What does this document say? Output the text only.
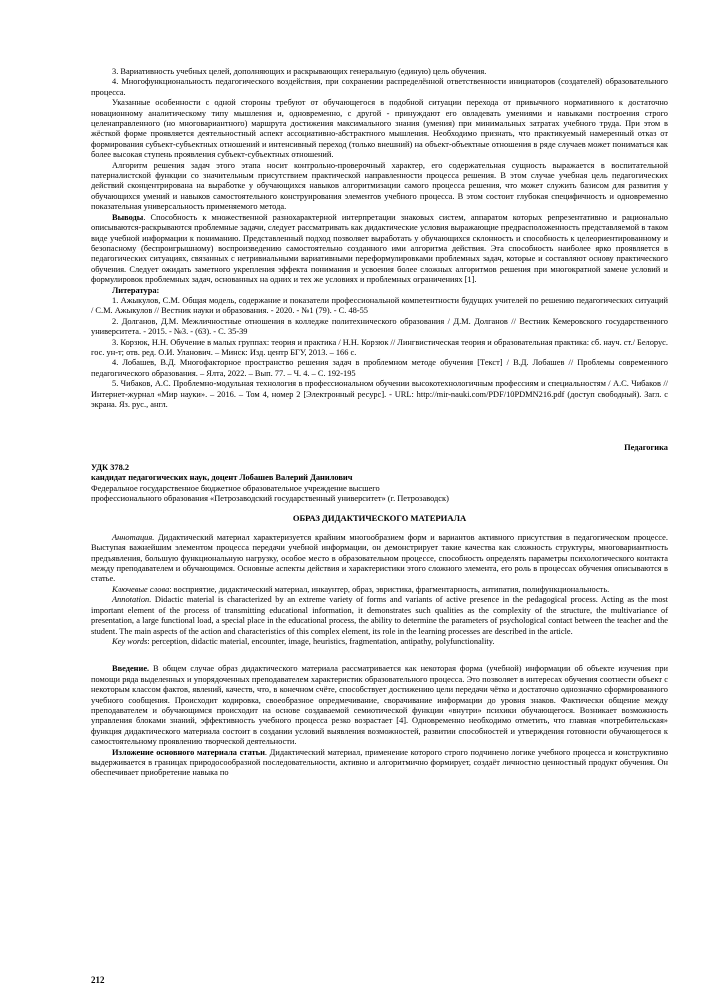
3. Вариативность учебных целей, дополняющих и раскрывающих генеральную (единую) цель обучения.

4. Многофункциональность педагогического воздействия, при сохранении распределённой ответственности инициаторов (создателей) образовательного процесса.

Указанные особенности с одной стороны требуют от обучающегося в подобной ситуации перехода от привычного нормативного к достаточно новационному аналитическому типу мышления и, одновременно, с другой - принуждают его овладевать умениями и навыками построения строго целенаправленного (но многовариантного) маршрута достижения максимального знания (умения) при минимальных затратах учебного труда. При этом в жёсткой форме проявляется деятельностный аспект ассоциативно-абстрактного мышления. Необходимо признать, что практикуемый намеренный отказ от формирования субъект-субъектных отношений и интенсивный переход (только внешний) на объект-объектные отношения в ряде случаев может пониматься как более высокая ступень проявления субъект-субъектных отношений.

Алгоритм решения задач этого этапа носит контрольно-проверочный характер, его содержательная сущность выражается в воспитательной патерналистской функции со значительным присутствием практической направленности процесса решения. В этом случае учебная цель педагогических действий сконцентрирована на выработке у обучающихся навыков алгоритмизации самого процесса решения, что может служить базисом для развития у обучающихся умений и навыков самостоятельного конструирования элементов учебного процесса. В этом состоит глубокая специфичность и одновременно показательная универсальность применяемого метода.

Выводы. Способность к множественной разнохарактерной интерпретации знаковых систем, аппаратом которых репрезентативно и рационально описываются-раскрываются проблемные задачи, следует рассматривать как дидактические условия выражающие предрасположенность представляемой в таком виде учебной информации к пониманию. Представленный подход позволяет выработать у обучающихся склонность и способность к целеориентированному и безопасному (беспроигрышному) воспроизведению самостоятельно созданного ими алгоритма действия. Эта способность наиболее ярко проявляется в педагогических ситуациях, связанных с нетривиальными вариативными переформулировками проблемных задач, которые и составляют основу практического обучения. Следует ожидать заметного укрепления эффекта понимания и усвоения более сложных алгоритмов решения при многократной замене условий и формулировок проблемных задач, основанных на одних и тех же условиях и проблемных ограничениях [1].

Литература:

1. Ажыкулов, С.М. Общая модель, содержание и показатели профессиональной компетентности будущих учителей по решению педагогических ситуаций / С.М. Ажыкулов // Вестник науки и образования. - 2020. - №1 (79). - С. 48-55

2. Долганов, Д.М. Межличностные отношения в колледже политехнического образования / Д.М. Долганов // Вестник Кемеровского государственного университета. - 2015. - №3. - (63). - С. 35-39

3. Корзюк, Н.Н. Обучение в малых группах: теория и практика / Н.Н. Корзюк // Лингвистическая теория и образовательная практика: сб. науч. ст./ Белорус. гос. ун-т; отв. ред. О.И. Уланович. – Минск: Изд. центр БГУ, 2013. – 166 с.

4. Лобашев, В.Д. Многофакторное пространство решения задач в проблемном методе обучения [Текст] / В.Д. Лобашев // Проблемы современного педагогического образования. – Ялта, 2022. – Вып. 77. – Ч. 4. – С. 192-195

5. Чибаков, А.С. Проблемно-модульная технология в профессиональном обучении высокотехнологичным профессиям и специальностям / А.С. Чибаков // Интернет-журнал «Мир науки». – 2016. – Том 4, номер 2 [Электронный ресурс]. - URL: http://mir-nauki.com/PDF/10PDMN216.pdf (доступ свободный). Загл. с экрана. Яз. рус., англ.

Педагогика

УДК 378.2

кандидат педагогических наук, доцент Лобашев Валерий Данилович

Федеральное государственное бюджетное образовательное учреждение высшего

профессионального образования «Петрозаводский государственный университет» (г. Петрозаводск)

ОБРАЗ ДИДАКТИЧЕСКОГО МАТЕРИАЛА

Аннотация. Дидактический материал характеризуется крайним многообразием форм и вариантов активного присутствия в педагогическом процессе. Выступая важнейшим элементом процесса передачи учебной информации, он демонстрирует такие качества как сложность структуры, многовариантность предъявления, большую функциональную нагрузку, особое место в образовательном процессе, способность определять параметры психологического контакта между преподавателем и обучающимся. Основные аспекты действия и характеристики этого сложного элемента, его роль в процессах обучения описываются в статье.

Ключевые слова: восприятие, дидактический материал, инкаунтер, образ, эвристика, фрагментарность, антипатия, полифункциональность.

Annotation. Didactic material is characterized by an extreme variety of forms and variants of active presence in the pedagogical process. Acting as the most important element of the process of transmitting educational information, it demonstrates such qualities as the complexity of the structure, the multivariance of presentation, a large functional load, a special place in the educational process, the ability to determine the parameters of psychological contact between the teacher and the student. The main aspects of the action and characteristics of this complex element, its role in the learning processes are described in the article.

Key words: perception, didactic material, encounter, image, heuristics, fragmentation, antipathy, polyfunctionality.

Введение. В общем случае образ дидактического материала рассматривается как некоторая форма (учебной) информации об объекте изучения при помощи ряда выделенных и упорядоченных преподавателем характеристик образовательного процесса. Это позволяет в интересах обучения соотнести объект с некоторым классом фактов, явлений, качеств, что, в конечном счёте, способствует достижению цели передачи чётко и достаточно однозначно сформированного учебного сообщения. Происходит кодировка, своеобразное опредмечивание, сворачивание информации до уровня знаков. Фактически общение между преподавателем и обучающимся происходит на основе создаваемой семиотической функции «внутри» психики обучающегося. Возникает возможность управления блоками знаний, эффективность учебного процесса резко возрастает [4]. Одновременно необходимо отметить, что главная «потребительская» функция дидактического материала состоит в создании условий выявления возможностей, развитии способностей и утверждения готовности обучающегося к самостоятельному проявлению творческой деятельности.

Изложение основного материала статьи. Дидактический материал, применение которого строго подчинено логике учебного процесса и конструктивно выдерживается в границах природосообразной последовательности, активно и алгоритмично формирует, создаёт личностно ценностный продукт обучения. Он обеспечивает приобретение навыка по

212
